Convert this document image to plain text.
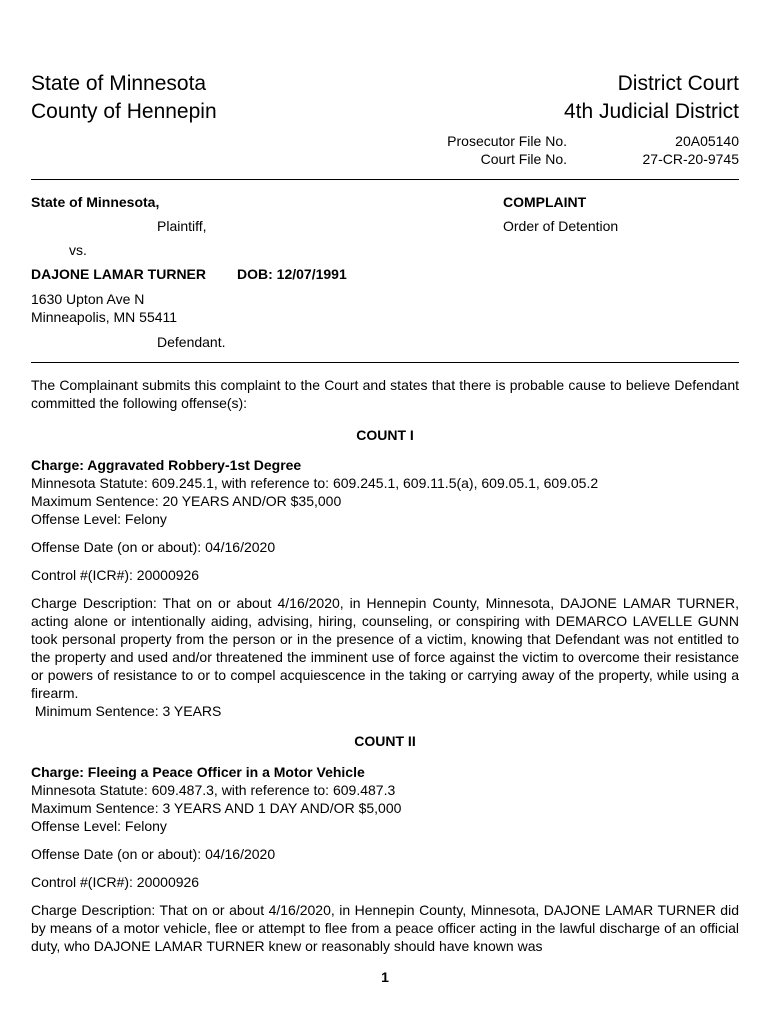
State of Minnesota
County of Hennepin
District Court
4th Judicial District
Prosecutor File No.	20A05140
Court File No.	27-CR-20-9745
State of Minnesota,
Plaintiff,
vs.
DAJONE LAMAR TURNER DOB: 12/07/1991
1630 Upton Ave N
Minneapolis, MN 55411
Defendant.
COMPLAINT
Order of Detention
The Complainant submits this complaint to the Court and states that there is probable cause to believe Defendant committed the following offense(s):
COUNT I
Charge: Aggravated Robbery-1st Degree
Minnesota Statute: 609.245.1, with reference to: 609.245.1, 609.11.5(a), 609.05.1, 609.05.2
Maximum Sentence: 20 YEARS AND/OR $35,000
Offense Level: Felony
Offense Date (on or about): 04/16/2020
Control #(ICR#): 20000926
Charge Description: That on or about 4/16/2020, in Hennepin County, Minnesota, DAJONE LAMAR TURNER, acting alone or intentionally aiding, advising, hiring, counseling, or conspiring with DEMARCO LAVELLE GUNN took personal property from the person or in the presence of a victim, knowing that Defendant was not entitled to the property and used and/or threatened the imminent use of force against the victim to overcome their resistance or powers of resistance to or to compel acquiescence in the taking or carrying away of the property, while using a firearm.
Minimum Sentence: 3 YEARS
COUNT II
Charge: Fleeing a Peace Officer in a Motor Vehicle
Minnesota Statute: 609.487.3, with reference to: 609.487.3
Maximum Sentence: 3 YEARS AND 1 DAY AND/OR $5,000
Offense Level: Felony
Offense Date (on or about): 04/16/2020
Control #(ICR#): 20000926
Charge Description: That on or about 4/16/2020, in Hennepin County, Minnesota, DAJONE LAMAR TURNER did by means of a motor vehicle, flee or attempt to flee from a peace officer acting in the lawful discharge of an official duty, who DAJONE LAMAR TURNER knew or reasonably should have known was
1
